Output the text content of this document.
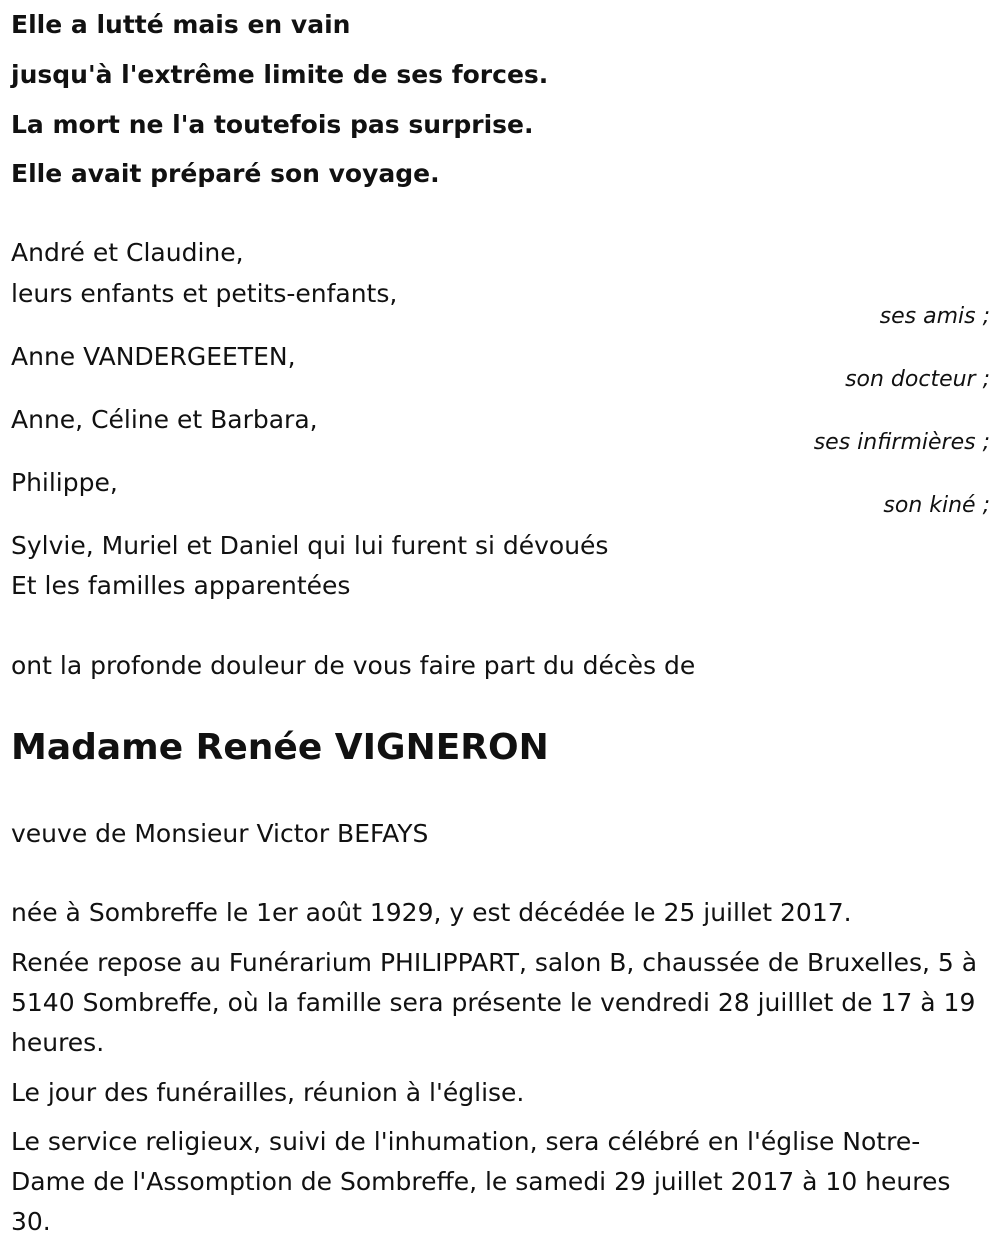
Elle a lutté mais en vain
jusqu'à l'extrême limite de ses forces.
La mort ne l'a toutefois pas surprise.
Elle avait préparé son voyage.
André et Claudine,
leurs enfants et petits-enfants,
ses amis ;
Anne VANDERGEETEN,
son docteur ;
Anne, Céline et Barbara,
ses infirmières ;
Philippe,
son kiné ;
Sylvie, Muriel et Daniel qui lui furent si dévoués
Et les familles apparentées
ont la profonde douleur de vous faire part du décès de
Madame Renée VIGNERON
veuve de Monsieur Victor BEFAYS
née à Sombreffe le 1er août 1929, y est décédée le 25 juillet 2017.
Renée repose au Funérarium PHILIPPART, salon B, chaussée de Bruxelles, 5 à 5140 Sombreffe, où la famille sera présente le vendredi 28 juilllet de 17 à 19 heures.
Le jour des funérailles, réunion à l'église.
Le service religieux, suivi de l'inhumation, sera célébré en l'église Notre-Dame de l'Assomption de Sombreffe, le samedi 29 juillet 2017 à 10 heures 30.
